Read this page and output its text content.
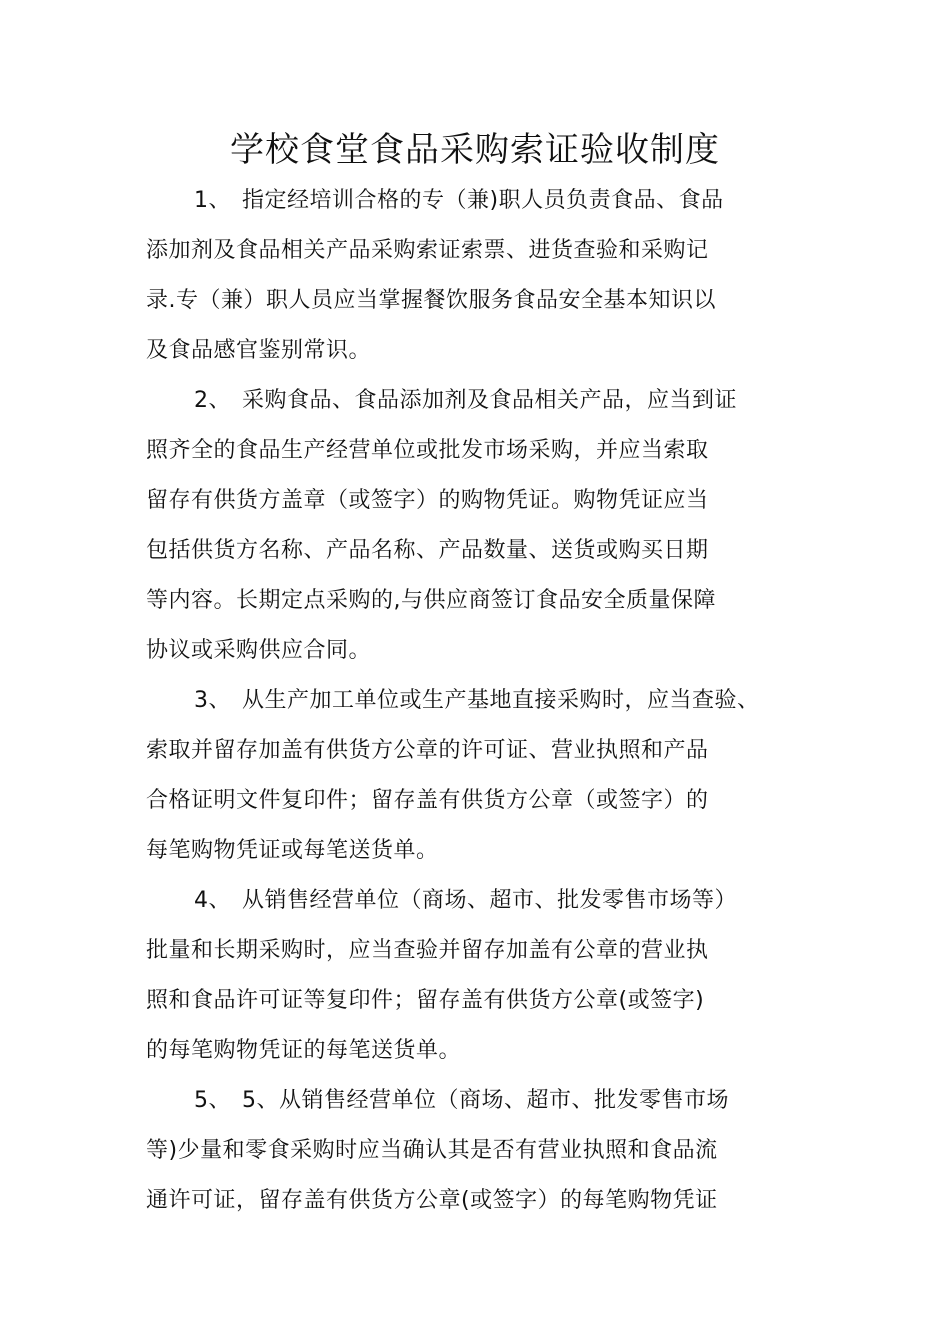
学校食堂食品采购索证验收制度
1、 指定经培训合格的专（兼)职人员负责食品、食品
添加剂及食品相关产品采购索证索票、进货查验和采购记
录.专（兼）职人员应当掌握餐饮服务食品安全基本知识以
及食品感官鉴别常识。
2、 采购食品、食品添加剂及食品相关产品，应当到证
照齐全的食品生产经营单位或批发市场采购，并应当索取
留存有供货方盖章（或签字）的购物凭证。购物凭证应当
包括供货方名称、产品名称、产品数量、送货或购买日期
等内容。长期定点采购的,与供应商签订食品安全质量保障
协议或采购供应合同。
3、 从生产加工单位或生产基地直接采购时，应当查验、
索取并留存加盖有供货方公章的许可证、营业执照和产品
合格证明文件复印件；留存盖有供货方公章（或签字）的
每笔购物凭证或每笔送货单。
4、 从销售经营单位（商场、超市、批发零售市场等）
批量和长期采购时，应当查验并留存加盖有公章的营业执
照和食品许可证等复印件；留存盖有供货方公章(或签字)
的每笔购物凭证的每笔送货单。
5、 5、从销售经营单位（商场、超市、批发零售市场
等)少量和零食采购时应当确认其是否有营业执照和食品流
通许可证，留存盖有供货方公章(或签字）的每笔购物凭证
